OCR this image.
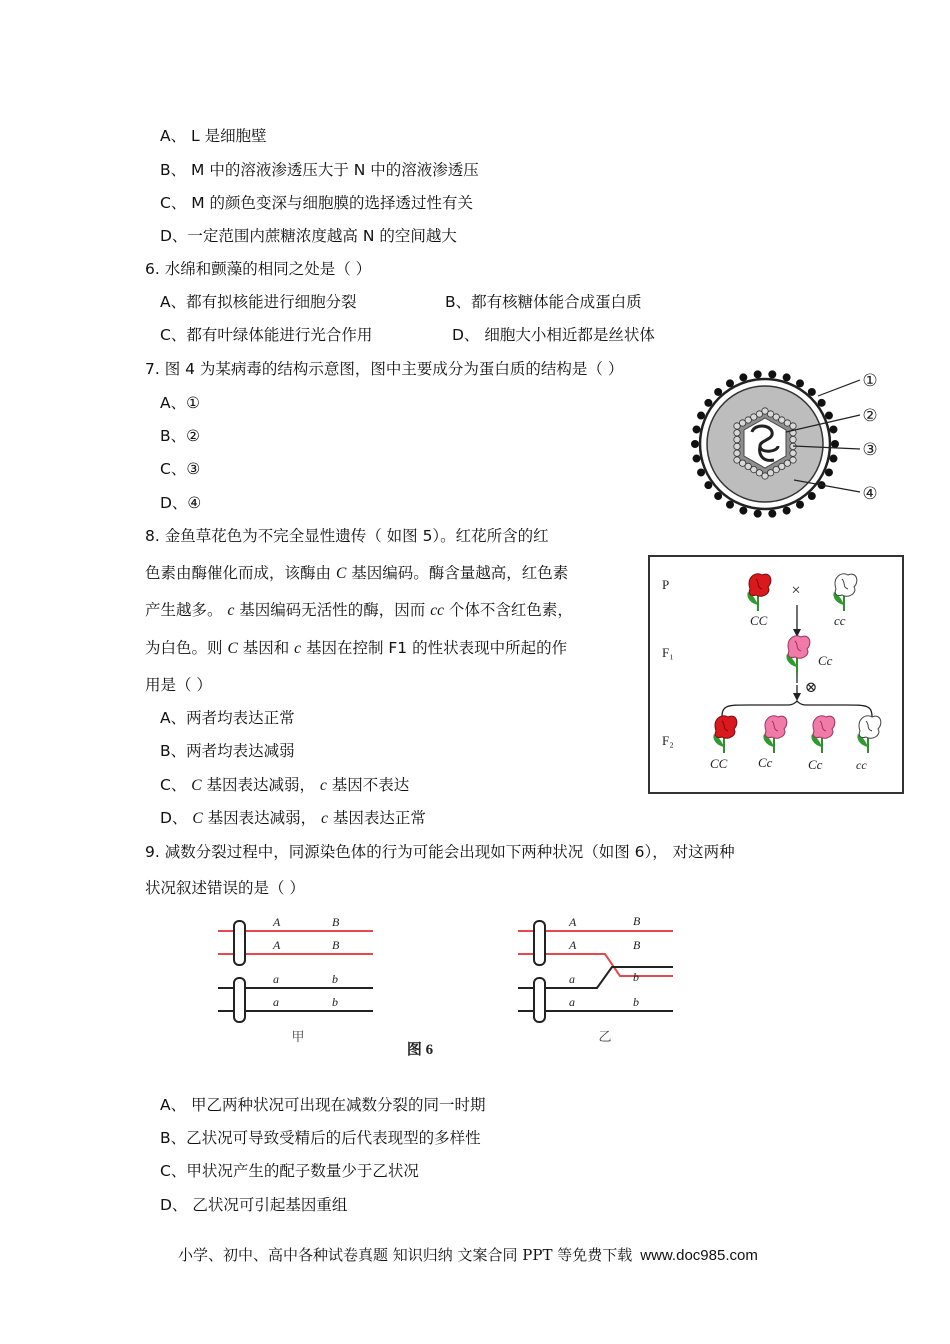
A、 L 是细胞壁
B、 M 中的溶液渗透压大于 N 中的溶液渗透压
C、 M 的颜色变深与细胞膜的选择透过性有关
D、一定范围内蔗糖浓度越高 N 的空间越大
6. 水绵和颤藻的相同之处是（ ）
A、都有拟核能进行细胞分裂	B、都有核糖体能合成蛋白质
C、都有叶绿体能进行光合作用	D、 细胞大小相近都是丝状体
7. 图 4 为某病毒的结构示意图，图中主要成分为蛋白质的结构是（ ）
A、①
B、②
C、③
D、④
①
②
③
④
8. 金鱼草花色为不完全显性遗传（ 如图 5）。红花所含的红
色素由酶催化而成，该酶由 C 基因编码。酶含量越高，红色素
产生越多。 c 基因编码无活性的酶，因而 cc 个体不含红色素，
为白色。则 C 基因和 c 基因在控制 F1 的性状表现中所起的作
用是（ ）
A、两者均表达正常
B、两者均表达减弱
C、 C 基因表达减弱， c 基因不表达
D、 C 基因表达减弱， c 基因表达正常
P
F₁
F₂
×
CC	cc
Cc
⊗
CC Cc	Cc	cc
9. 减数分裂过程中，同源染色体的行为可能会出现如下两种状况（如图 6）， 对这两种
状况叙述错误的是（ ）
A
A
a
a
B
B
b
b
甲
A
A
a
a
B
B
b
b
乙
图 6
A、 甲乙两种状况可出现在减数分裂的同一时期
B、乙状况可导致受精后的后代表现型的多样性
C、甲状况产生的配子数量少于乙状况
D、 乙状况可引起基因重组
小学、初中、高中各种试卷真题 知识归纳 文案合同 PPT 等免费下载 www.doc985.com
